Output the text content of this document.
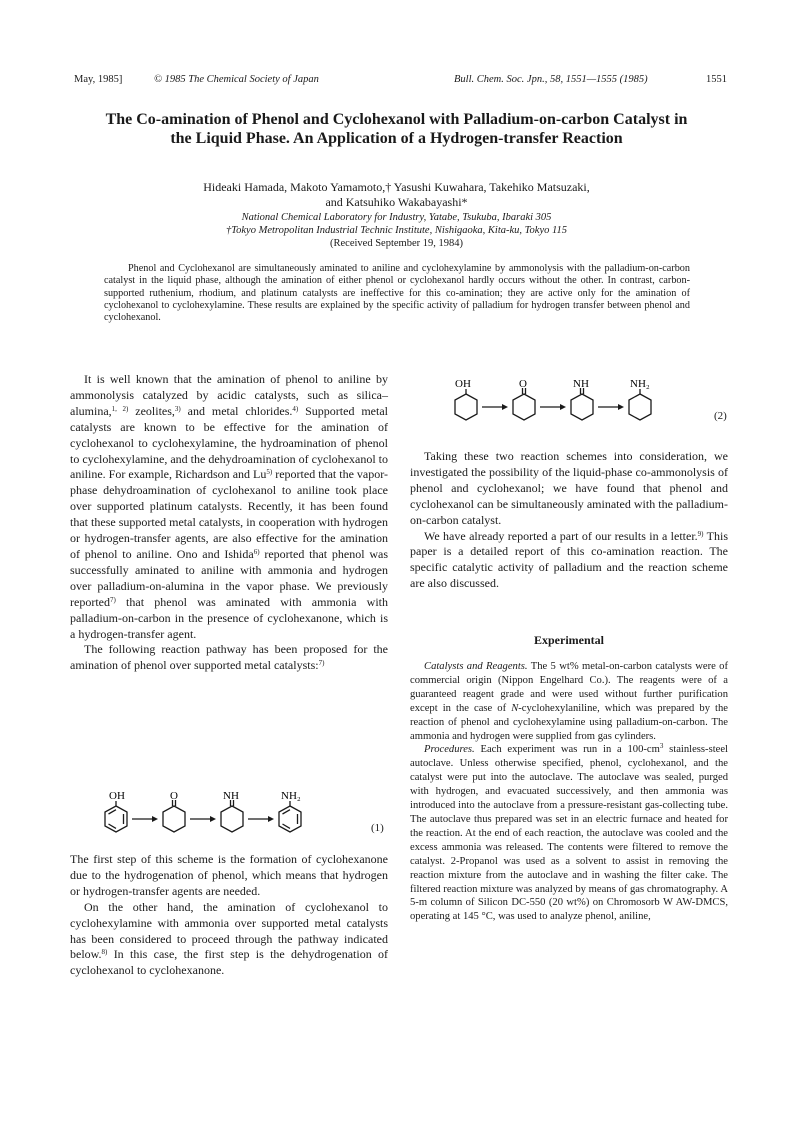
May, 1985]	© 1985 The Chemical Society of Japan	Bull. Chem. Soc. Jpn., 58, 1551—1555 (1985)	1551
The Co-amination of Phenol and Cyclohexanol with Palladium-on-carbon Catalyst in the Liquid Phase. An Application of a Hydrogen-transfer Reaction
Hideaki Hamada, Makoto Yamamoto,† Yasushi Kuwahara, Takehiko Matsuzaki,
and Katsuhiko Wakabayashi*
National Chemical Laboratory for Industry, Yatabe, Tsukuba, Ibaraki 305
†Tokyo Metropolitan Industrial Technic Institute, Nishigaoka, Kita-ku, Tokyo 115
(Received September 19, 1984)
Phenol and Cyclohexanol are simultaneously aminated to aniline and cyclohexylamine by ammonolysis with the palladium-on-carbon catalyst in the liquid phase, although the amination of either phenol or cyclohexanol hardly occurs without the other. In contrast, carbon-supported ruthenium, rhodium, and platinum catalysts are ineffective for this co-amination; they are active only for the amination of cyclohexanol to cyclohexylamine. These results are explained by the specific activity of palladium for hydrogen transfer between phenol and cyclohexanol.

It is well known that the amination of phenol to aniline by ammonolysis catalyzed by acidic catalysts, such as silica–alumina,$^{1, 2)}$ zeolites,$^{3)}$ and metal chlorides.$^{4)}$ Supported metal catalysts are known to be effective for the amination of cyclohexanol to cyclohexylamine, the hydroamination of phenol to cyclohexylamine, and the dehydroamination of cyclohexanol to aniline. For example, Richardson and Lu$^{5)}$ reported that the vapor-phase dehydroamination of cyclohexanol to aniline took place over supported platinum catalysts. Recently, it has been found that these supported metal catalysts, in cooperation with hydrogen or hydrogen-transfer agents, are also effective for the amination of phenol to aniline. Ono and Ishida$^{6)}$ reported that phenol was successfully aminated to aniline with ammonia and hydrogen over palladium-on-alumina in the vapor phase. We previously reported$^{7)}$ that phenol was aminated with ammonia with palladium-on-carbon in the presence of cyclohexanone, which is a hydrogen-transfer agent.

The following reaction pathway has been proposed for the amination of phenol over supported metal catalysts:$^{7)}$

OH	O	NH	NH₂
(1)

The first step of this scheme is the formation of cyclohexanone due to the hydrogenation of phenol, which means that hydrogen or hydrogen-transfer agents are needed.

On the other hand, the amination of cyclohexanol to cyclohexylamine with ammonia over supported metal catalysts has been considered to proceed through the pathway indicated below.$^{8)}$ In this case, the first step is the dehydrogenation of cyclohexanol to cyclohexanone.

OH	O	NH	NH₂
(2)

Taking these two reaction schemes into consideration, we investigated the possibility of the liquid-phase co-ammonolysis of phenol and cyclohexanol; we have found that phenol and cyclohexanol can be simultaneously aminated with the palladium-on-carbon catalyst.

We have already reported a part of our results in a letter.$^{9)}$ This paper is a detailed report of this co-amination reaction. The specific catalytic activity of palladium and the reaction scheme are also discussed.

Experimental

Catalysts and Reagents. The 5 wt% metal-on-carbon catalysts were of commercial origin (Nippon Engelhard Co.). The reagents were of a guaranteed reagent grade and were used without further purification except in the case of N-cyclohexylaniline, which was prepared by the reaction of phenol and cyclohexylamine using palladium-on-carbon. The ammonia and hydrogen were supplied from gas cylinders.

Procedures. Each experiment was run in a $100-cm^3$ stainless-steel autoclave. Unless otherwise specified, phenol, cyclohexanol, and the catalyst were put into the autoclave. The autoclave was sealed, purged with hydrogen, and evacuated successively, and then ammonia was introduced into the autoclave from a pressure-resistant gas-collecting tube. The autoclave thus prepared was set in an electric furnace and heated for the reaction. At the end of each reaction, the autoclave was cooled and the excess ammonia was released. The contents were filtered to remove the catalyst. 2-Propanol was used as a solvent to assist in removing the reaction mixture from the autoclave and in washing the filter cake. The filtered reaction mixture was analyzed by means of gas chromatography. A 5-m column of Silicon DC-550 (20 wt%) on Chromosorb W AW-DMCS, operating at 145 °C, was used to analyze phenol, aniline,
